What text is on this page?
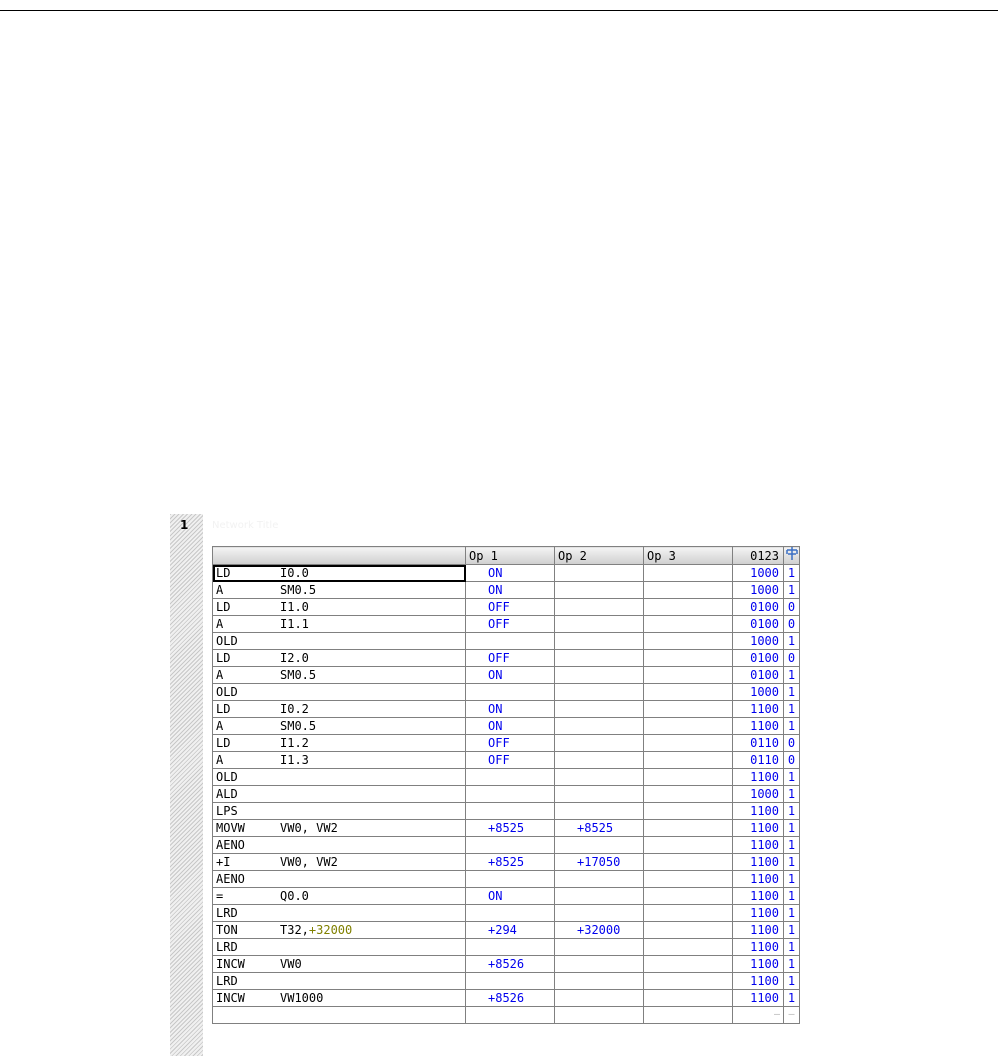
1 Network Title
	Op 1	Op 2	Op 3	0123	
LD I0.0	ON			1000	1
A SM0.5	ON			1000	1
LD I1.0	OFF			0100	0
A I1.1	OFF			0100	0
OLD				1000	1
LD I2.0	OFF			0100	0
A SM0.5	ON			0100	1
OLD				1000	1
LD I0.2	ON			1100	1
A SM0.5	ON			1100	1
LD I1.2	OFF			0110	0
A I1.3	OFF			0110	0
OLD				1100	1
ALD				1000	1
LPS				1100	1
MOVW VW0, VW2	+8525	+8525		1100	1
AENO				1100	1
+I VW0, VW2	+8525	+17050		1100	1
AENO				1100	1
= Q0.0	ON			1100	1
LRD				1100	1
TON T32,+32000	+294	+32000		1100	1
LRD				1100	1
INCW VW0	+8526			1100	1
LRD				1100	1
INCW VW1000	+8526			1100	1
				—	—
